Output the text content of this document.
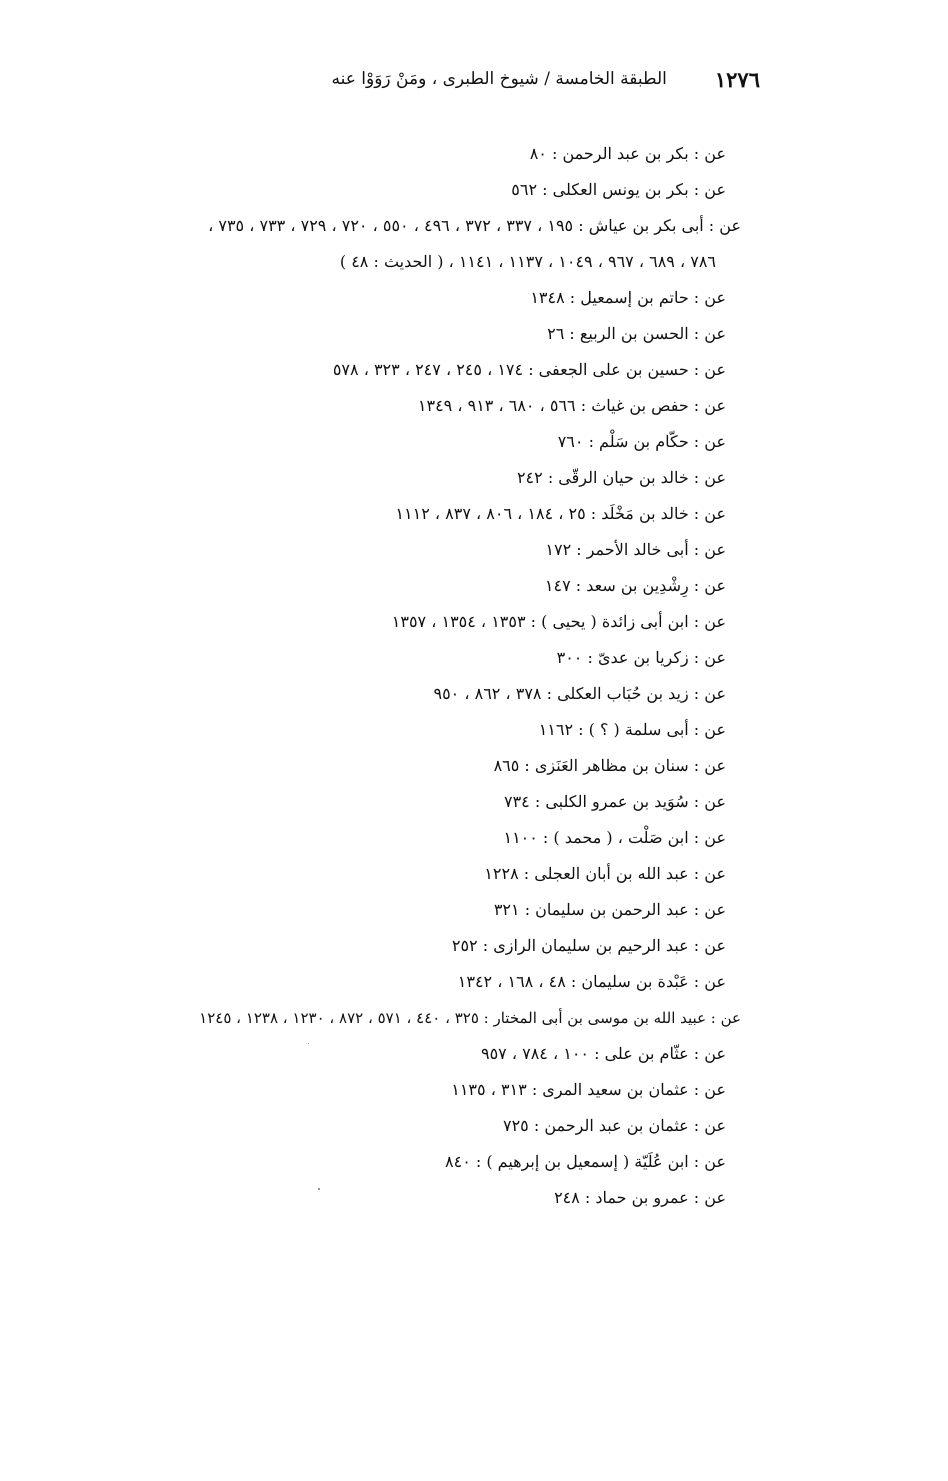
١٢٧٦
الطبقة الخامسة / شيوخ الطبرى ، ومَنْ رَوَوْا عنه
عن : بكر بن عبد الرحمن : ٨٠
عن : بكر بن يونس العكلى : ٥٦٢
عن : أبى بكر بن عياش : ١٩٥ ، ٣٣٧ ، ٣٧٢ ، ٤٩٦ ، ٥٥٠ ، ٧٢٠ ، ٧٢٩ ، ٧٣٣ ، ٧٣٥ ،
٧٨٦ ، ٦٨٩ ، ٩٦٧ ، ١٠٤٩ ، ١١٣٧ ، ١١٤١ ، ( الحديث : ٤٨ )
عن : حاتم بن إسمعيل : ١٣٤٨
عن : الحسن بن الربيع : ٢٦
عن : حسين بن على الجعفى : ١٧٤ ، ٢٤٥ ، ٢٤٧ ، ٣٢٣ ، ٥٧٨
عن : حفص بن غياث : ٥٦٦ ، ٦٨٠ ، ٩١٣ ، ١٣٤٩
عن : حكّام بن سَلْم : ٧٦٠
عن : خالد بن حيان الرقّى : ٢٤٢
عن : خالد بن مَخْلَد : ٢٥ ، ١٨٤ ، ٨٠٦ ، ٨٣٧ ، ١١١٢
عن : أبى خالد الأحمر : ١٧٢
عن : رِشْدِين بن سعد : ١٤٧
عن : ابن أبى زائدة ( يحيى ) : ١٣٥٣ ، ١٣٥٤ ، ١٣٥٧
عن : زكريا بن عدىّ : ٣٠٠
عن : زيد بن حُبَاب العكلى : ٣٧٨ ، ٨٦٢ ، ٩٥٠
عن : أبى سلمة ( ؟ ) : ١١٦٢
عن : سنان بن مظاهر العَنَزى : ٨٦٥
عن : سُوَيد بن عمرو الكلبى : ٧٣٤
عن : ابن صَلْت ، ( محمد ) : ١١٠٠
عن : عبد الله بن أبان العجلى : ١٢٢٨
عن : عبد الرحمن بن سليمان : ٣٢١
عن : عبد الرحيم بن سليمان الرازى : ٢٥٢
عن : عَبْدة بن سليمان : ٤٨ ، ١٦٨ ، ١٣٤٢
عن : عبيد الله بن موسى بن أبى المختار : ٣٢٥ ، ٤٤٠ ، ٥٧١ ، ٨٧٢ ، ١٢٣٠ ، ١٢٣٨ ، ١٢٤٥
عن : عثّام بن على : ١٠٠ ، ٧٨٤ ، ٩٥٧
عن : عثمان بن سعيد المرى : ٣١٣ ، ١١٣٥
عن : عثمان بن عبد الرحمن : ٧٢٥
عن : ابن عُلَيّة ( إسمعيل بن إبرهيم ) : ٨٤٠
عن : عمرو بن حماد : ٢٤٨
